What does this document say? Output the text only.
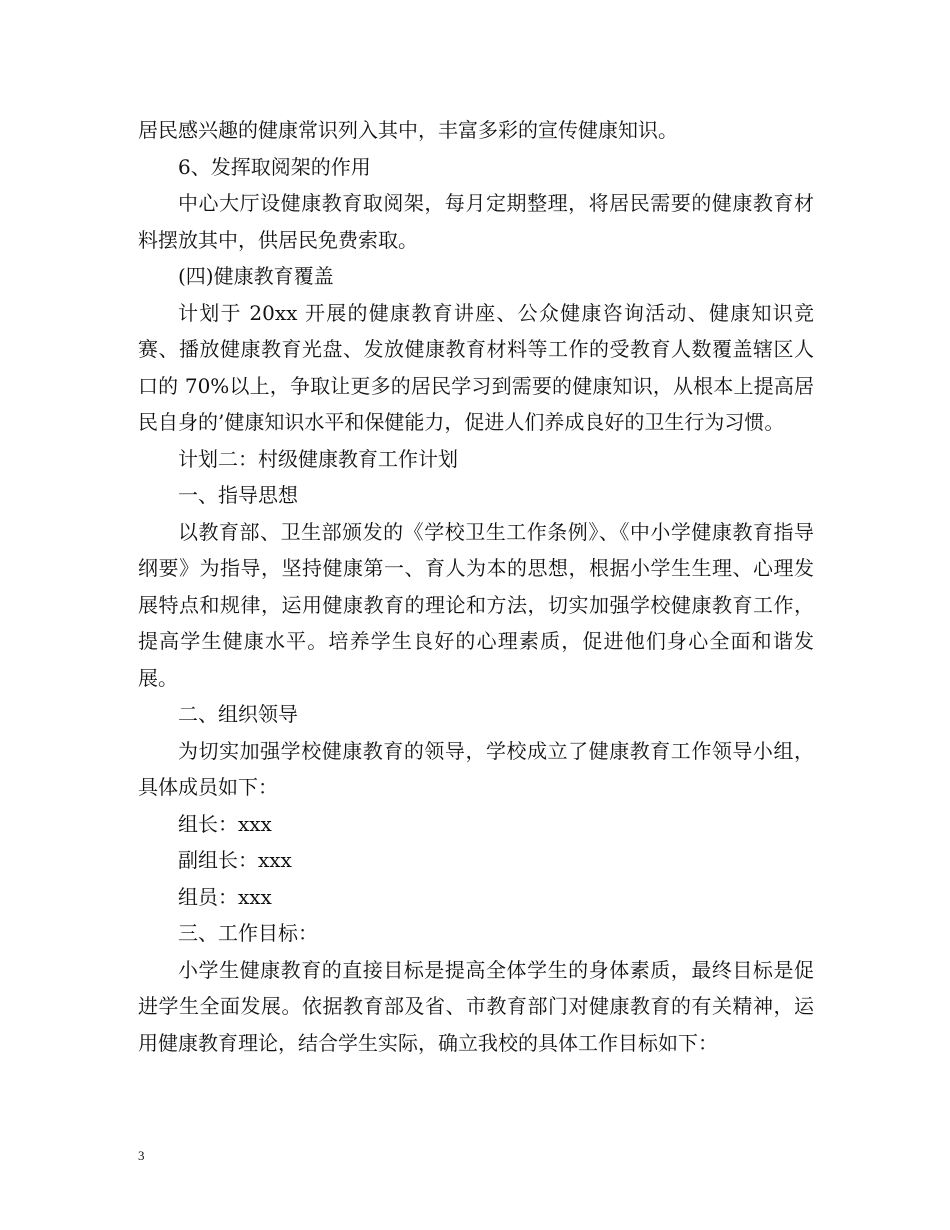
居民感兴趣的健康常识列入其中，丰富多彩的宣传健康知识。

6、发挥取阅架的作用

中心大厅设健康教育取阅架，每月定期整理，将居民需要的健康教育材料摆放其中，供居民免费索取。

(四)健康教育覆盖

计划于 20xx 开展的健康教育讲座、公众健康咨询活动、健康知识竞赛、播放健康教育光盘、发放健康教育材料等工作的受教育人数覆盖辖区人口的 70%以上，争取让更多的居民学习到需要的健康知识，从根本上提高居民自身的’健康知识水平和保健能力，促进人们养成良好的卫生行为习惯。

计划二：村级健康教育工作计划

一、指导思想

以教育部、卫生部颁发的《学校卫生工作条例》、《中小学健康教育指导纲要》为指导，坚持健康第一、育人为本的思想，根据小学生生理、心理发展特点和规律，运用健康教育的理论和方法，切实加强学校健康教育工作，提高学生健康水平。培养学生良好的心理素质，促进他们身心全面和谐发展。

二、组织领导

为切实加强学校健康教育的领导，学校成立了健康教育工作领导小组，具体成员如下：

组长：xxx

副组长：xxx

组员：xxx

三、工作目标：

小学生健康教育的直接目标是提高全体学生的身体素质，最终目标是促进学生全面发展。依据教育部及省、市教育部门对健康教育的有关精神，运用健康教育理论，结合学生实际，确立我校的具体工作目标如下：

3
